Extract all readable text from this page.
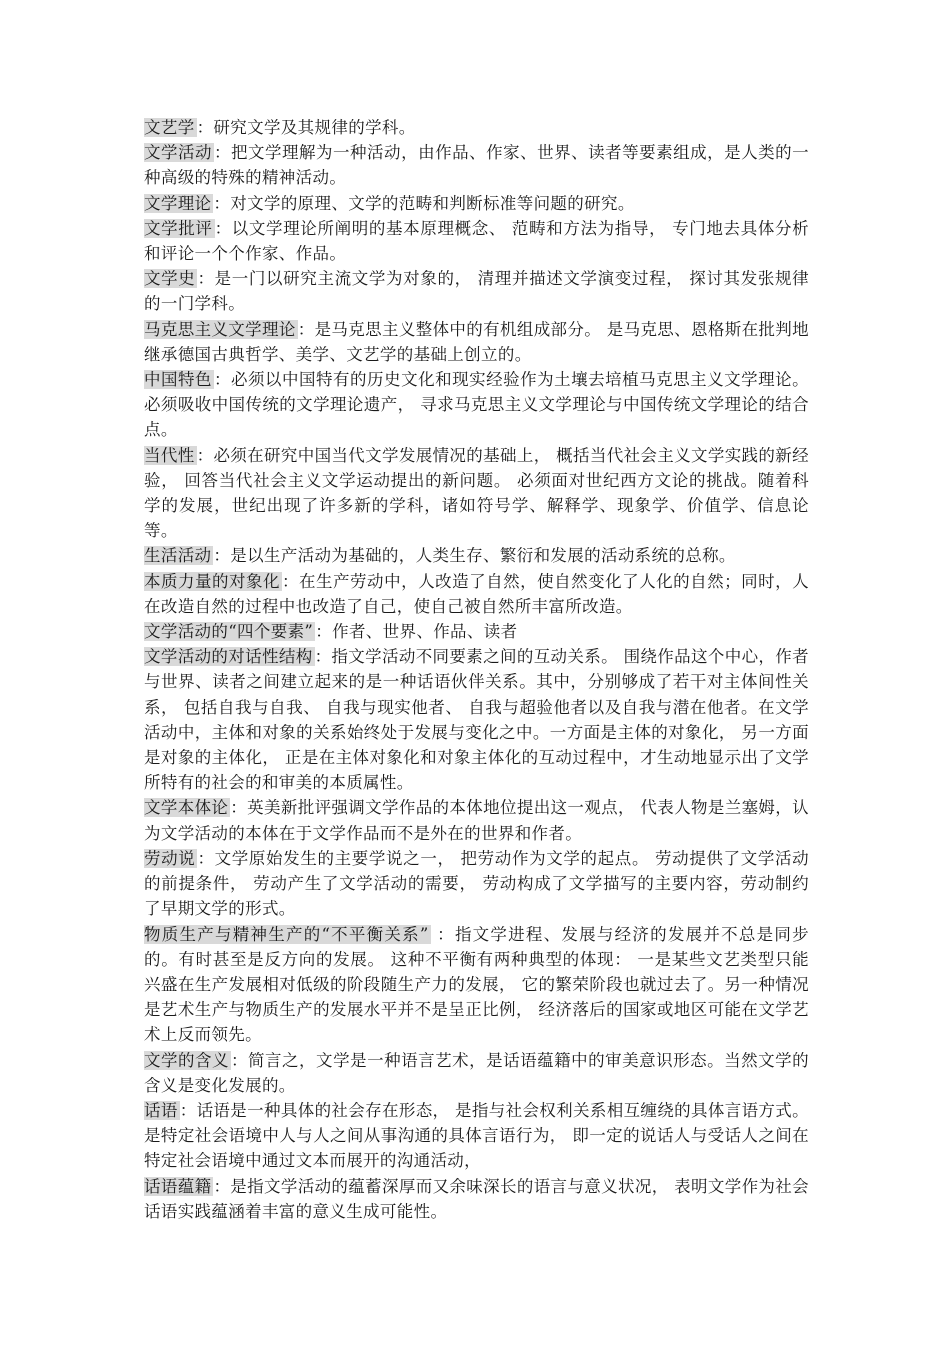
文艺学 ：研究文学及其规律的学科。

文学活动 ：把文学理解为一种活动，由作品、作家、世界、读者等要素组成，是人类的一种高级的特殊的精神活动。

文学理论 ：对文学的原理、文学的范畴和判断标准等问题的研究。

文学批评 ：以文学理论所阐明的基本原理概念、 范畴和方法为指导， 专门地去具体分析和评论一个个作家、作品。

文学史 ：是一门以研究主流文学为对象的， 清理并描述文学演变过程， 探讨其发张规律的一门学科。

马克思主义文学理论 ：是马克思主义整体中的有机组成部分。 是马克思、恩格斯在批判地继承德国古典哲学、美学、文艺学的基础上创立的。

中国特色 ：必须以中国特有的历史文化和现实经验作为土壤去培植马克思主义文学理论。必须吸收中国传统的文学理论遗产， 寻求马克思主义文学理论与中国传统文学理论的结合点。

当代性 ：必须在研究中国当代文学发展情况的基础上， 概括当代社会主义文学实践的新经验， 回答当代社会主义文学运动提出的新问题。 必须面对世纪西方文论的挑战。随着科学的发展，世纪出现了许多新的学科，诸如符号学、解释学、现象学、价值学、信息论等。

生活活动 ：是以生产活动为基础的，人类生存、繁衍和发展的活动系统的总称。

本质力量的对象化 ：在生产劳动中，人改造了自然，使自然变化了人化的自然；同时，人在改造自然的过程中也改造了自己，使自己被自然所丰富所改造。

文学活动的“四个要素” ：作者、世界、作品、读者

文学活动的对话性结构 ：指文学活动不同要素之间的互动关系。 围绕作品这个中心，作者与世界、读者之间建立起来的是一种话语伙伴关系。其中，分别够成了若干对主体间性关系， 包括自我与自我、 自我与现实他者、 自我与超验他者以及自我与潜在他者。在文学活动中，主体和对象的关系始终处于发展与变化之中。一方面是主体的对象化， 另一方面是对象的主体化， 正是在主体对象化和对象主体化的互动过程中，才生动地显示出了文学所特有的社会的和审美的本质属性。

文学本体论 ：英美新批评强调文学作品的本体地位提出这一观点， 代表人物是兰塞姆，认为文学活动的本体在于文学作品而不是外在的世界和作者。

劳动说 ：文学原始发生的主要学说之一， 把劳动作为文学的起点。 劳动提供了文学活动的前提条件， 劳动产生了文学活动的需要， 劳动构成了文学描写的主要内容，劳动制约了早期文学的形式。

物质生产与精神生产的“不平衡关系” ：指文学进程、发展与经济的发展并不总是同步的。有时甚至是反方向的发展。 这种不平衡有两种典型的体现： 一是某些文艺类型只能兴盛在生产发展相对低级的阶段随生产力的发展， 它的繁荣阶段也就过去了。另一种情况是艺术生产与物质生产的发展水平并不是呈正比例， 经济落后的国家或地区可能在文学艺术上反而领先。

文学的含义 ：简言之，文学是一种语言艺术，是话语蕴籍中的审美意识形态。当然文学的含义是变化发展的。

话语 ：话语是一种具体的社会存在形态， 是指与社会权利关系相互缠绕的具体言语方式。是特定社会语境中人与人之间从事沟通的具体言语行为， 即一定的说话人与受话人之间在特定社会语境中通过文本而展开的沟通活动，

话语蕴籍 ：是指文学活动的蕴蓄深厚而又余味深长的语言与意义状况， 表明文学作为社会话语实践蕴涵着丰富的意义生成可能性。
